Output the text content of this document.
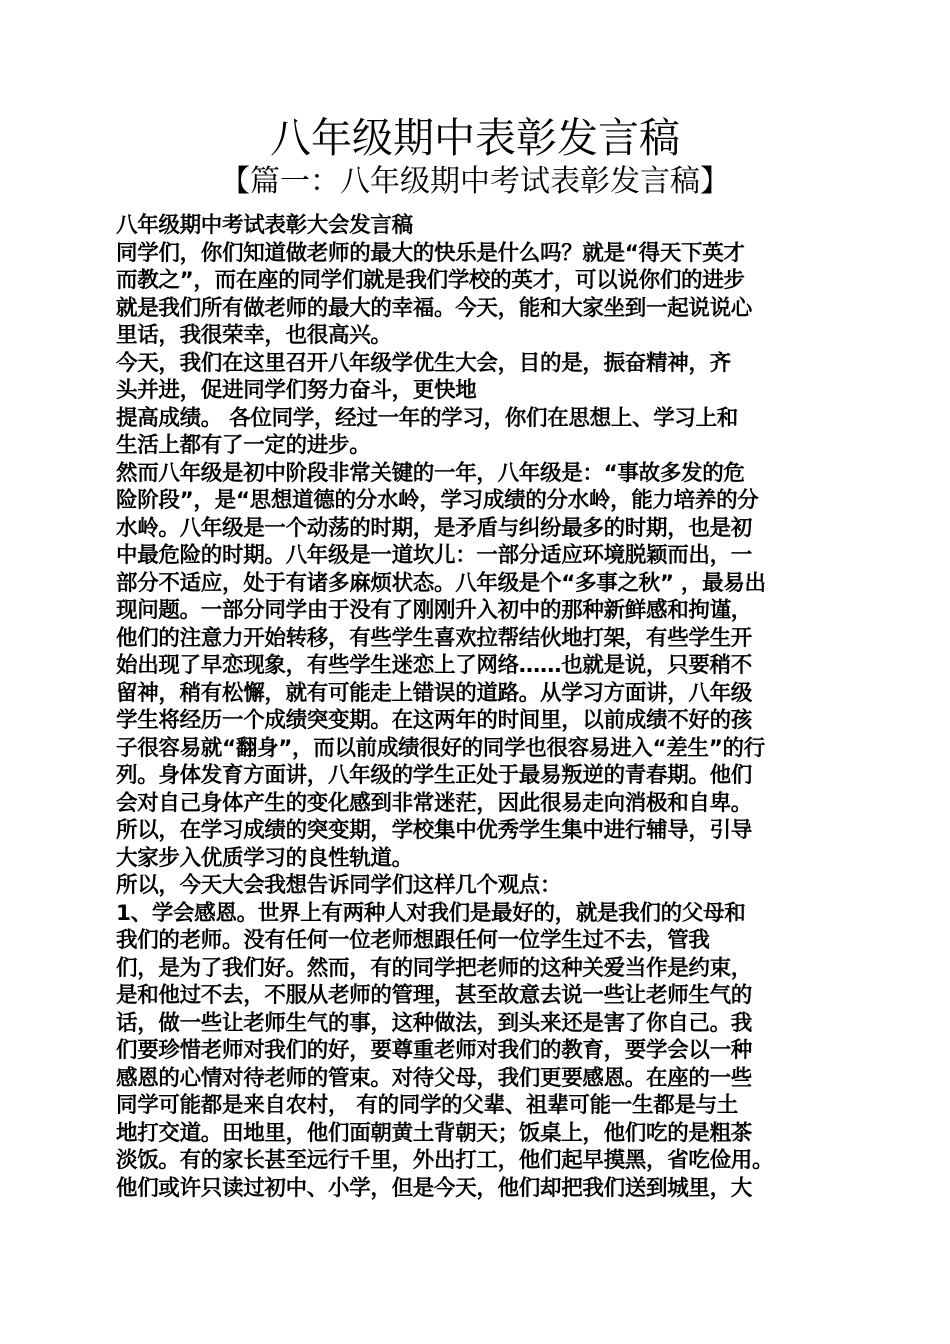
八年级期中表彰发言稿
【篇一：八年级期中考试表彰发言稿】
八年级期中考试表彰大会发言稿
同学们，你们知道做老师的最大的快乐是什么吗？就是“得天下英才
而教之”，而在座的同学们就是我们学校的英才，可以说你们的进步
就是我们所有做老师的最大的幸福。今天，能和大家坐到一起说说心
里话，我很荣幸，也很高兴。
今天，我们在这里召开八年级学优生大会，目的是，振奋精神，齐
头并进，促进同学们努力奋斗，更快地
提高成绩。 各位同学，经过一年的学习，你们在思想上、学习上和
生活上都有了一定的进步。
然而八年级是初中阶段非常关键的一年，八年级是：“事故多发的危
险阶段”，是“思想道德的分水岭，学习成绩的分水岭，能力培养的分
水岭。八年级是一个动荡的时期，是矛盾与纠纷最多的时期，也是初
中最危险的时期。八年级是一道坎儿：一部分适应环境脱颖而出，一
部分不适应，处于有诸多麻烦状态。八年级是个“多事之秋” ，最易出
现问题。一部分同学由于没有了刚刚升入初中的那种新鲜感和拘谨，
他们的注意力开始转移，有些学生喜欢拉帮结伙地打架，有些学生开
始出现了早恋现象，有些学生迷恋上了网络……也就是说，只要稍不
留神，稍有松懈，就有可能走上错误的道路。从学习方面讲，八年级
学生将经历一个成绩突变期。在这两年的时间里，以前成绩不好的孩
子很容易就“翻身”，而以前成绩很好的同学也很容易进入“差生”的行
列。身体发育方面讲，八年级的学生正处于最易叛逆的青春期。他们
会对自己身体产生的变化感到非常迷茫，因此很易走向消极和自卑。
所以，在学习成绩的突变期，学校集中优秀学生集中进行辅导，引导
大家步入优质学习的良性轨道。
所以，今天大会我想告诉同学们这样几个观点：
1、学会感恩。世界上有两种人对我们是最好的，就是我们的父母和
我们的老师。没有任何一位老师想跟任何一位学生过不去，管我
们，是为了我们好。然而，有的同学把老师的这种关爱当作是约束，
是和他过不去，不服从老师的管理，甚至故意去说一些让老师生气的
话，做一些让老师生气的事，这种做法，到头来还是害了你自己。我
们要珍惜老师对我们的好，要尊重老师对我们的教育，要学会以一种
感恩的心情对待老师的管束。对待父母，我们更要感恩。在座的一些
同学可能都是来自农村， 有的同学的父辈、祖辈可能一生都是与土
地打交道。田地里，他们面朝黄土背朝天；饭桌上，他们吃的是粗茶
淡饭。有的家长甚至远行千里，外出打工，他们起早摸黑，省吃俭用。
他们或许只读过初中、小学，但是今天，他们却把我们送到城里，大
